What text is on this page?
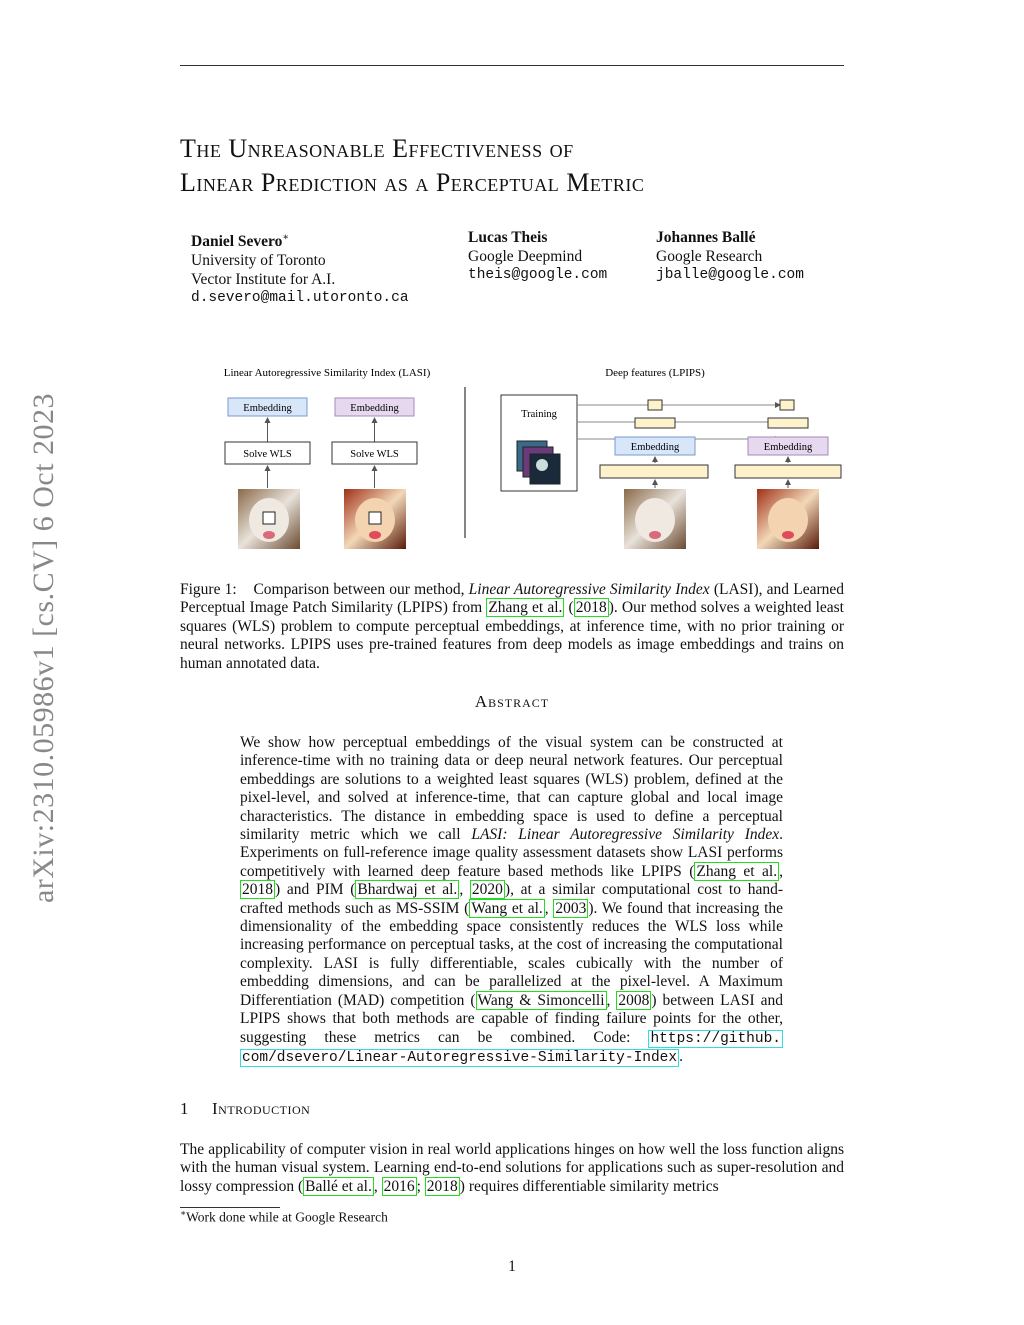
arXiv:2310.05986v1 [cs.CV] 6 Oct 2023
The Unreasonable Effectiveness of
Linear Prediction as a Perceptual Metric
Daniel Severo∗
University of Toronto
Vector Institute for A.I.
d.severo@mail.utoronto.ca
Lucas Theis
Google Deepmind
theis@google.com
Johannes Ballé
Google Research
jballe@google.com
Linear Autoregressive Similarity Index (LASI)
Embedding	Embedding
Solve WLS	Solve WLS
Deep features (LPIPS)
Training
Embedding	Embedding
Figure 1: Comparison between our method, Linear Autoregressive Similarity Index (LASI), and Learned Perceptual Image Patch Similarity (LPIPS) from Zhang et al. ( 2018 ). Our method solves a weighted least squares (WLS) problem to compute perceptual embeddings, at inference time, with no prior training or neural networks. LPIPS uses pre-trained features from deep models as image embeddings and trains on human annotated data.
Abstract
We show how perceptual embeddings of the visual system can be constructed at inference-time with no training data or deep neural network features. Our perceptual embeddings are solutions to a weighted least squares (WLS) problem, defined at the pixel-level, and solved at inference-time, that can capture global and local image characteristics. The distance in embedding space is used to define a perceptual similarity metric which we call LASI: Linear Autoregressive Similarity Index. Experiments on full-reference image quality assessment datasets show LASI performs competitively with learned deep feature based methods like LPIPS ( Zhang et al. , 2018 ) and PIM ( Bhardwaj et al. , 2020 ), at a similar computational cost to hand-crafted methods such as MS-SSIM ( Wang et al. , 2003 ). We found that increasing the dimensionality of the embedding space consistently reduces the WLS loss while increasing performance on perceptual tasks, at the cost of increasing the computational complexity. LASI is fully differentiable, scales cubically with the number of embedding dimensions, and can be parallelized at the pixel-level. A Maximum Differentiation (MAD) competition ( Wang & Simoncelli , 2008 ) between LASI and LPIPS shows that both methods are capable of finding failure points for the other, suggesting these metrics can be combined. Code: https://github. com/dsevero/Linear-Autoregressive-Similarity-Index .
1 Introduction
The applicability of computer vision in real world applications hinges on how well the loss function aligns with the human visual system. Learning end-to-end solutions for applications such as super-resolution and lossy compression ( Ballé et al. , 2016 ; 2018 ) requires differentiable similarity metrics
∗Work done while at Google Research
1
